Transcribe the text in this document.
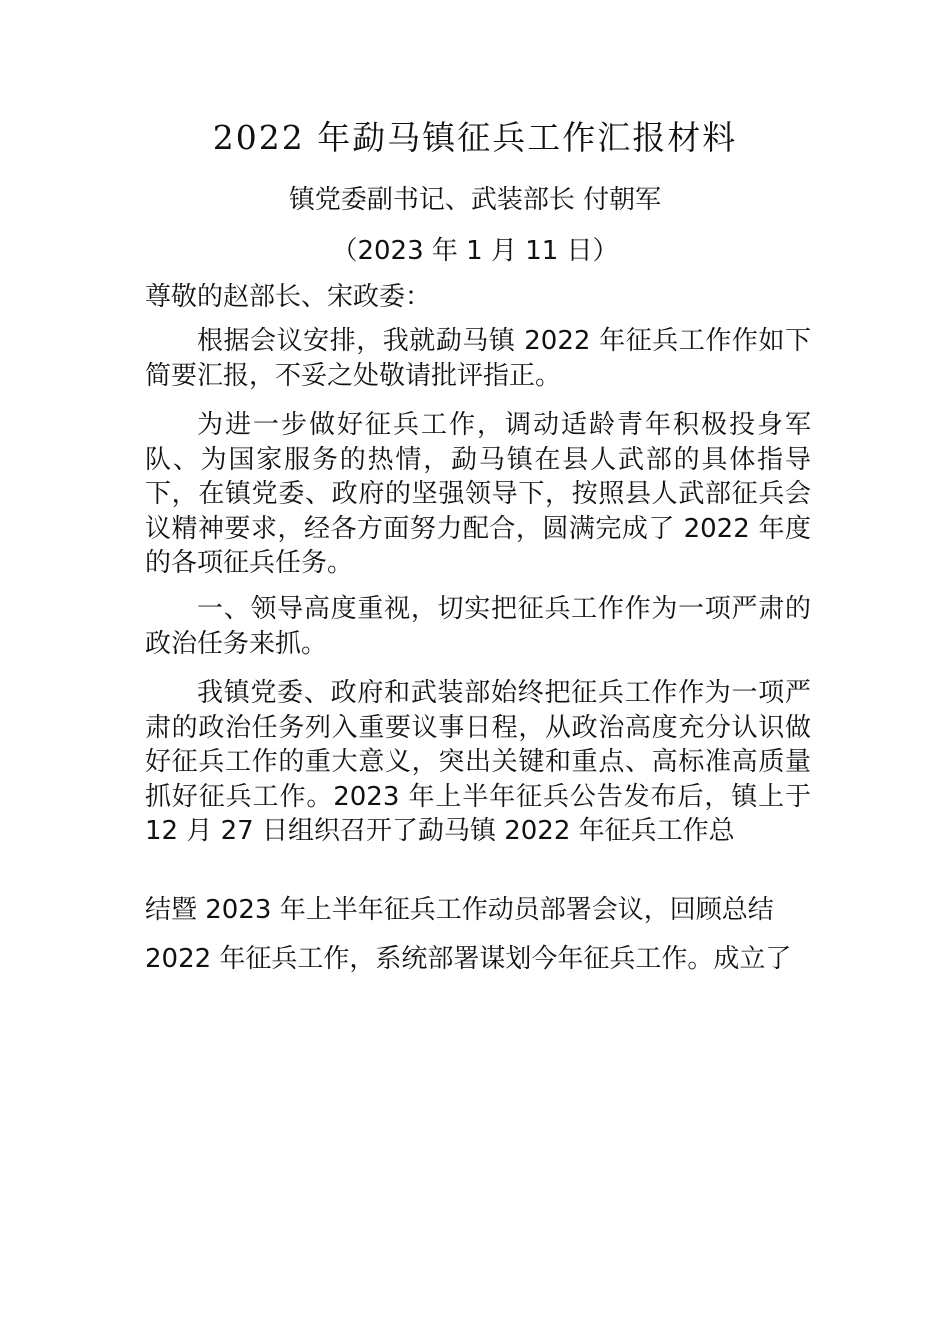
2022 年勐马镇征兵工作汇报材料
镇党委副书记、武装部长 付朝军
（2023 年 1 月 11 日）
尊敬的赵部长、宋政委：

根据会议安排，我就勐马镇 2022 年征兵工作作如下简要汇报，不妥之处敬请批评指正。

为进一步做好征兵工作，调动适龄青年积极投身军队、为国家服务的热情，勐马镇在县人武部的具体指导下，在镇党委、政府的坚强领导下，按照县人武部征兵会议精神要求，经各方面努力配合，圆满完成了 2022 年度的各项征兵任务。

一、领导高度重视，切实把征兵工作作为一项严肃的政治任务来抓。

我镇党委、政府和武装部始终把征兵工作作为一项严肃的政治任务列入重要议事日程，从政治高度充分认识做好征兵工作的重大意义，突出关键和重点、高标准高质量抓好征兵工作。2023 年上半年征兵公告发布后，镇上于 12 月 27 日组织召开了勐马镇 2022 年征兵工作总

结暨 2023 年上半年征兵工作动员部署会议，回顾总结
2022 年征兵工作，系统部署谋划今年征兵工作。成立了
